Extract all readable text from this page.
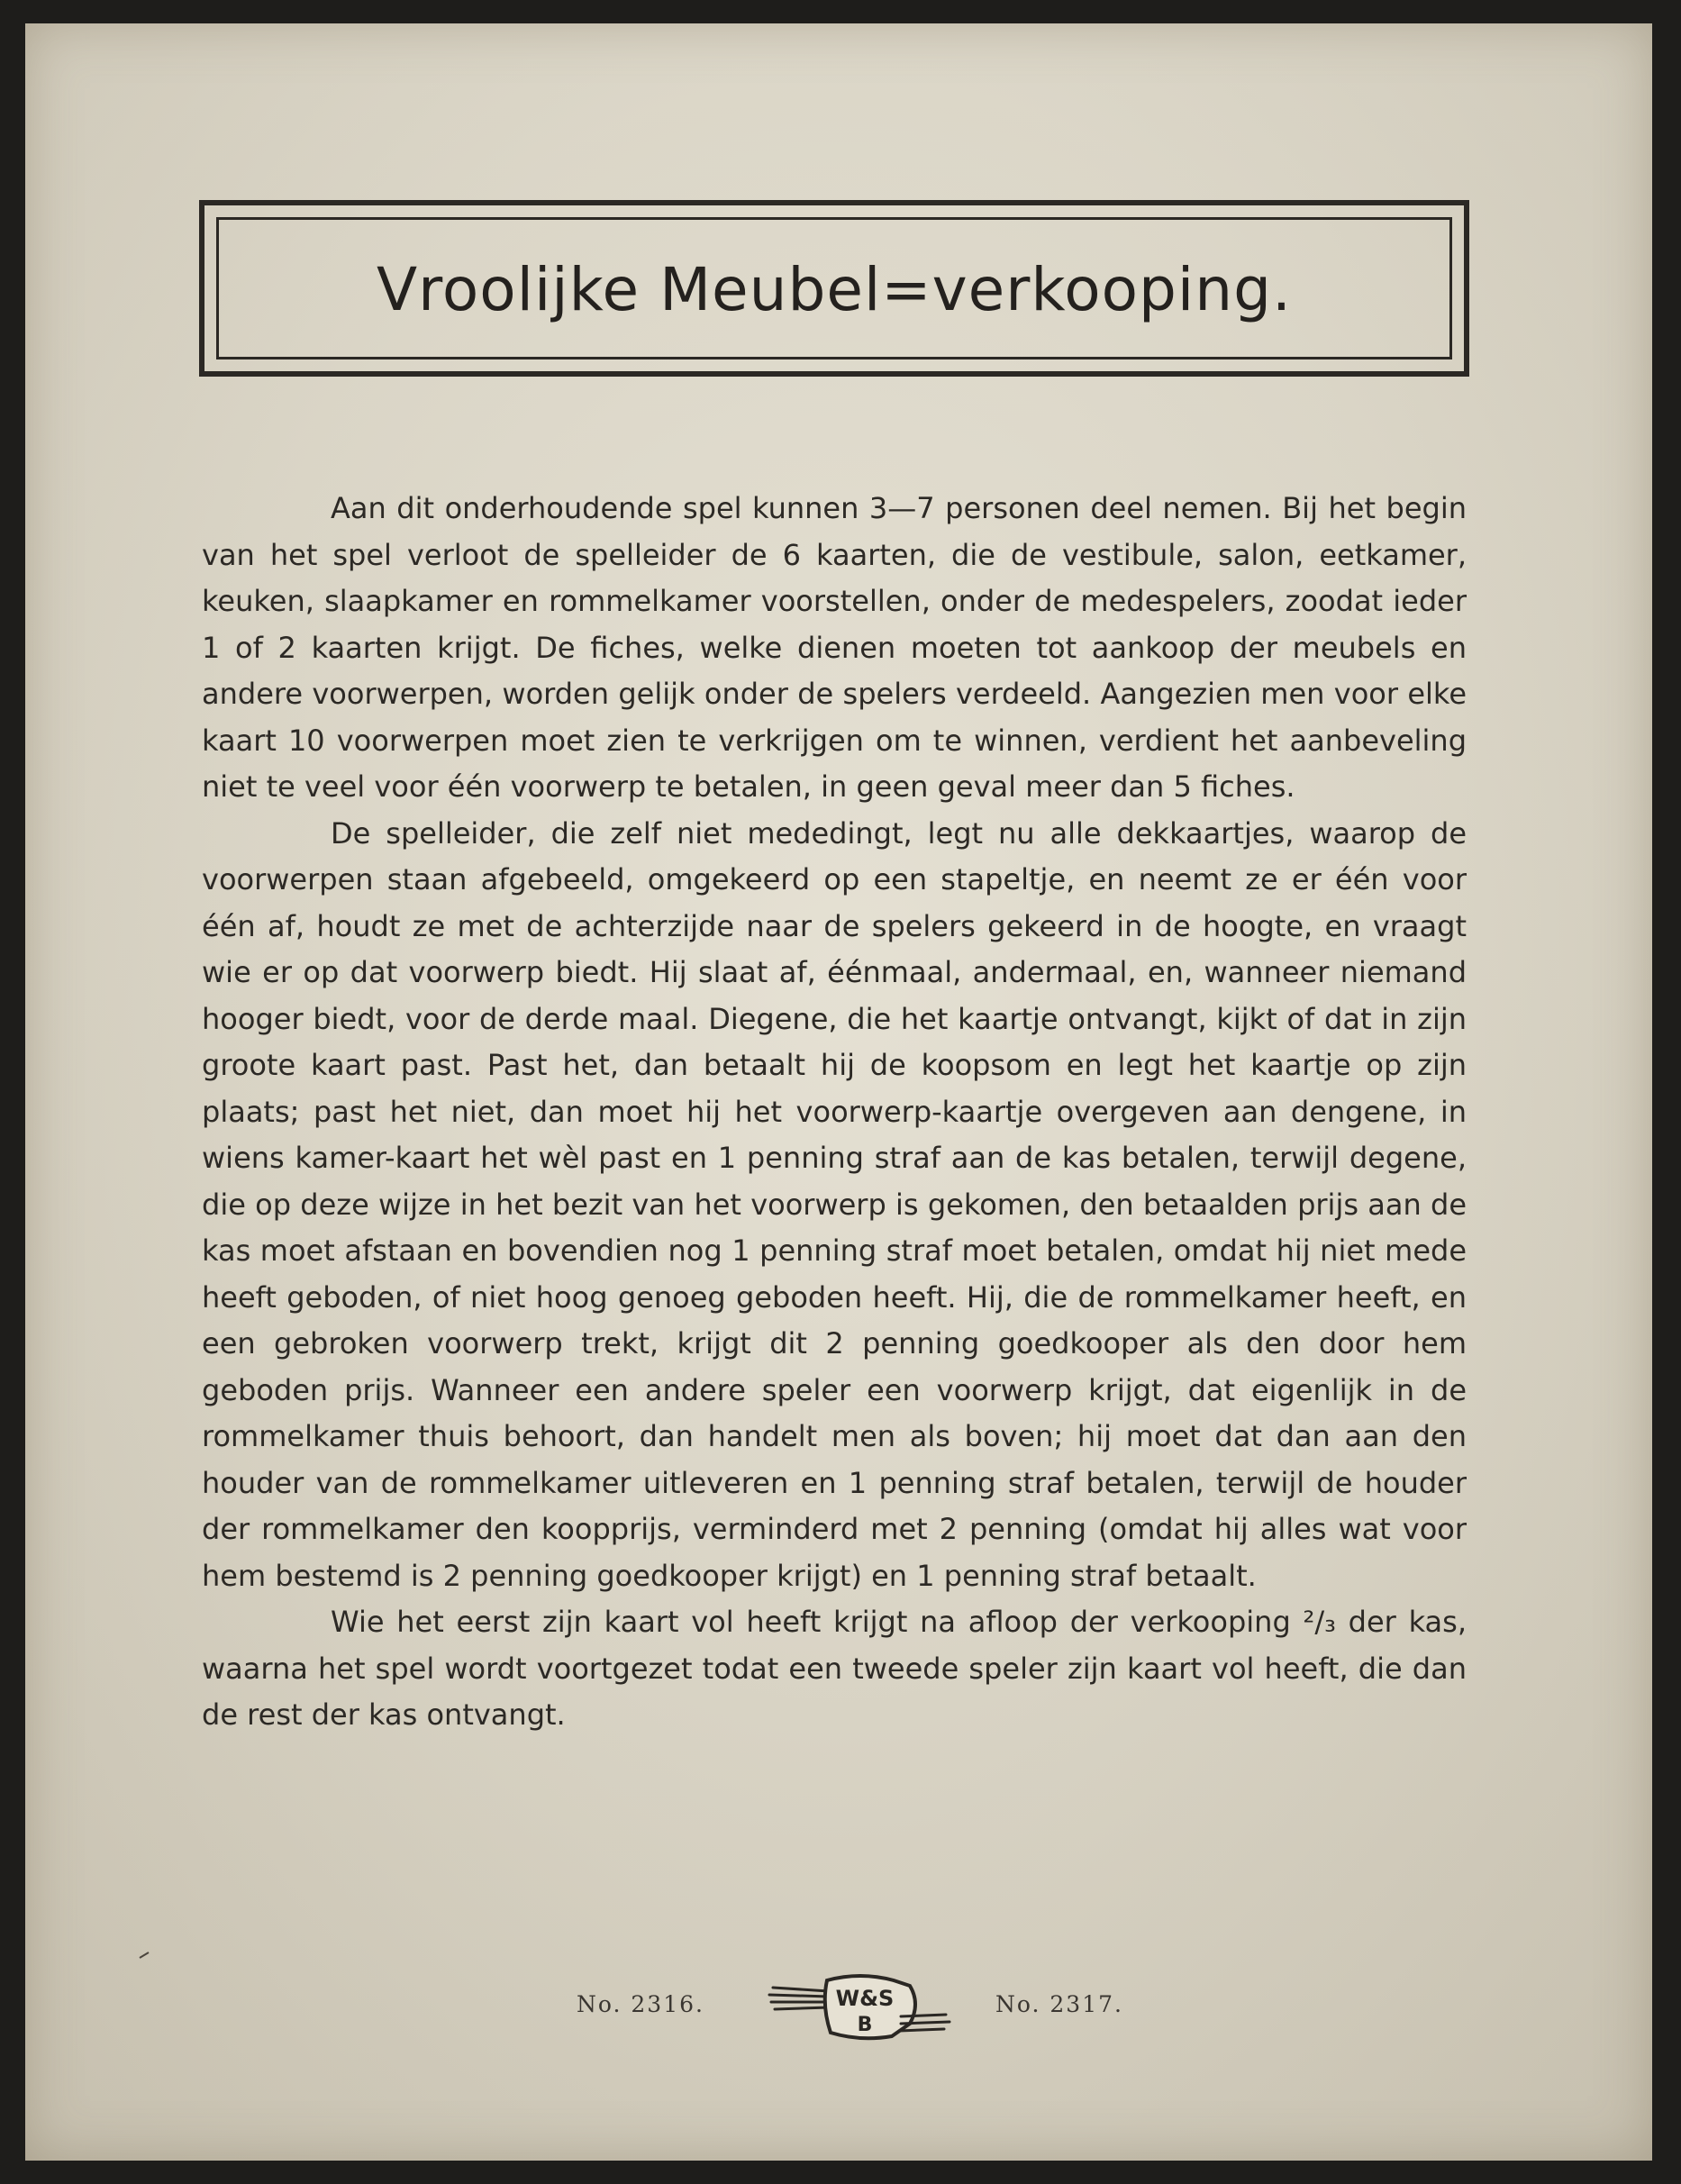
Vroolijke Meubel=verkooping.

Aan dit onderhoudende spel kunnen 3—7 personen deel nemen. Bij het begin van het spel verloot de spelleider de 6 kaarten, die de vestibule, salon, eetkamer, keuken, slaapkamer en rommelkamer voorstellen, onder de medespelers, zoodat ieder 1 of 2 kaarten krijgt. De fiches, welke dienen moeten tot aankoop der meubels en andere voorwerpen, worden gelijk onder de spelers verdeeld. Aangezien men voor elke kaart 10 voorwerpen moet zien te verkrijgen om te winnen, verdient het aanbeveling niet te veel voor één voorwerp te betalen, in geen geval meer dan 5 fiches.

De spelleider, die zelf niet mededingt, legt nu alle dekkaartjes, waarop de voorwerpen staan afgebeeld, omgekeerd op een stapeltje, en neemt ze er één voor één af, houdt ze met de achterzijde naar de spelers gekeerd in de hoogte, en vraagt wie er op dat voorwerp biedt. Hij slaat af, éénmaal, andermaal, en, wanneer niemand hooger biedt, voor de derde maal. Diegene, die het kaartje ontvangt, kijkt of dat in zijn groote kaart past. Past het, dan betaalt hij de koopsom en legt het kaartje op zijn plaats; past het niet, dan moet hij het voorwerp-kaartje overgeven aan dengene, in wiens kamer-kaart het wèl past en 1 penning straf aan de kas betalen, terwijl degene, die op deze wijze in het bezit van het voorwerp is gekomen, den betaalden prijs aan de kas moet afstaan en bovendien nog 1 penning straf moet betalen, omdat hij niet mede heeft geboden, of niet hoog genoeg geboden heeft. Hij, die de rommelkamer heeft, en een gebroken voorwerp trekt, krijgt dit 2 penning goedkooper als den door hem geboden prijs. Wanneer een andere speler een voorwerp krijgt, dat eigenlijk in de rommelkamer thuis behoort, dan handelt men als boven; hij moet dat dan aan den houder van de rommelkamer uitleveren en 1 penning straf betalen, terwijl de houder der rommelkamer den koopprijs, verminderd met 2 penning (omdat hij alles wat voor hem bestemd is 2 penning goedkooper krijgt) en 1 penning straf betaalt.

Wie het eerst zijn kaart vol heeft krijgt na afloop der verkooping ²/₃ der kas, waarna het spel wordt voortgezet todat een tweede speler zijn kaart vol heeft, die dan de rest der kas ontvangt.

No. 2316.	W&S
B
No. 2317.
